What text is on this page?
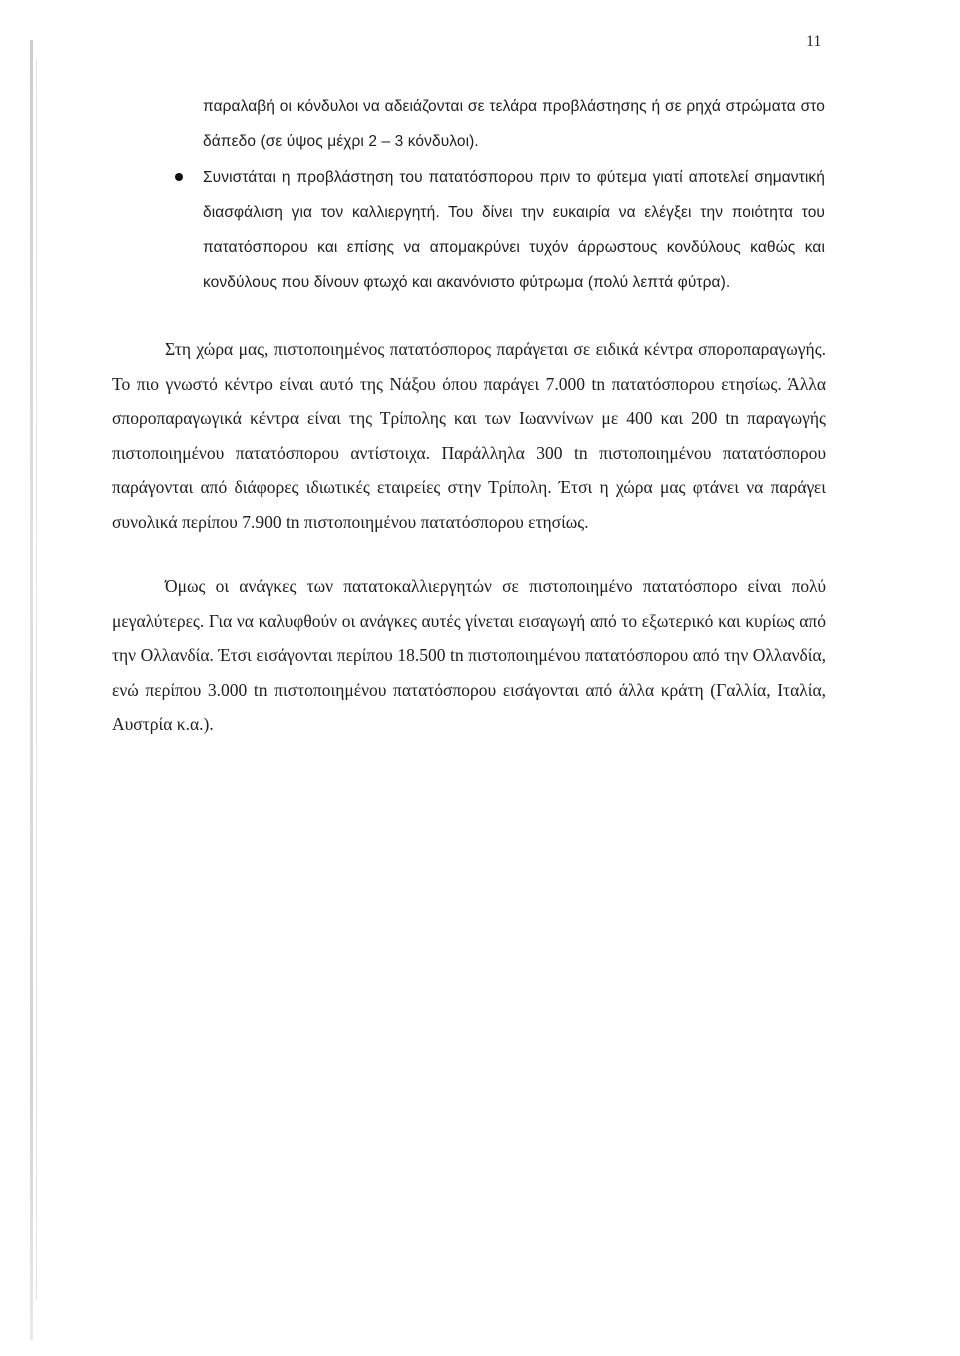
11

παραλαβή οι κόνδυλοι να αδειάζονται σε τελάρα προβλάστησης ή σε ρηχά στρώματα στο δάπεδο (σε ύψος μέχρι 2 – 3 κόνδυλοι).

Συνιστάται η προβλάστηση του πατατόσπορου πριν το φύτεμα γιατί αποτελεί σημαντική διασφάλιση για τον καλλιεργητή. Του δίνει την ευκαιρία να ελέγξει την ποιότητα του πατατόσπορου και επίσης να απομακρύνει τυχόν άρρωστους κονδύλους καθώς και κονδύλους που δίνουν φτωχό και ακανόνιστο φύτρωμα (πολύ λεπτά φύτρα).

Στη χώρα μας, πιστοποιημένος πατατόσπορος παράγεται σε ειδικά κέντρα σποροπαραγωγής. Το πιο γνωστό κέντρο είναι αυτό της Νάξου όπου παράγει 7.000 tn πατατόσπορου ετησίως. Άλλα σποροπαραγωγικά κέντρα είναι της Τρίπολης και των Ιωαννίνων με 400 και 200 tn παραγωγής πιστοποιημένου πατατόσπορου αντίστοιχα. Παράλληλα 300 tn πιστοποιημένου πατατόσπορου παράγονται από διάφορες ιδιωτικές εταιρείες στην Τρίπολη. Έτσι η χώρα μας φτάνει να παράγει συνολικά περίπου 7.900 tn πιστοποιημένου πατατόσπορου ετησίως.

Όμως οι ανάγκες των πατατοκαλλιεργητών σε πιστοποιημένο πατατόσπορο είναι πολύ μεγαλύτερες. Για να καλυφθούν οι ανάγκες αυτές γίνεται εισαγωγή από το εξωτερικό και κυρίως από την Ολλανδία. Έτσι εισάγονται περίπου 18.500 tn πιστοποιημένου πατατόσπορου από την Ολλανδία, ενώ περίπου 3.000 tn πιστοποιημένου πατατόσπορου εισάγονται από άλλα κράτη (Γαλλία, Ιταλία, Αυστρία κ.α.).
